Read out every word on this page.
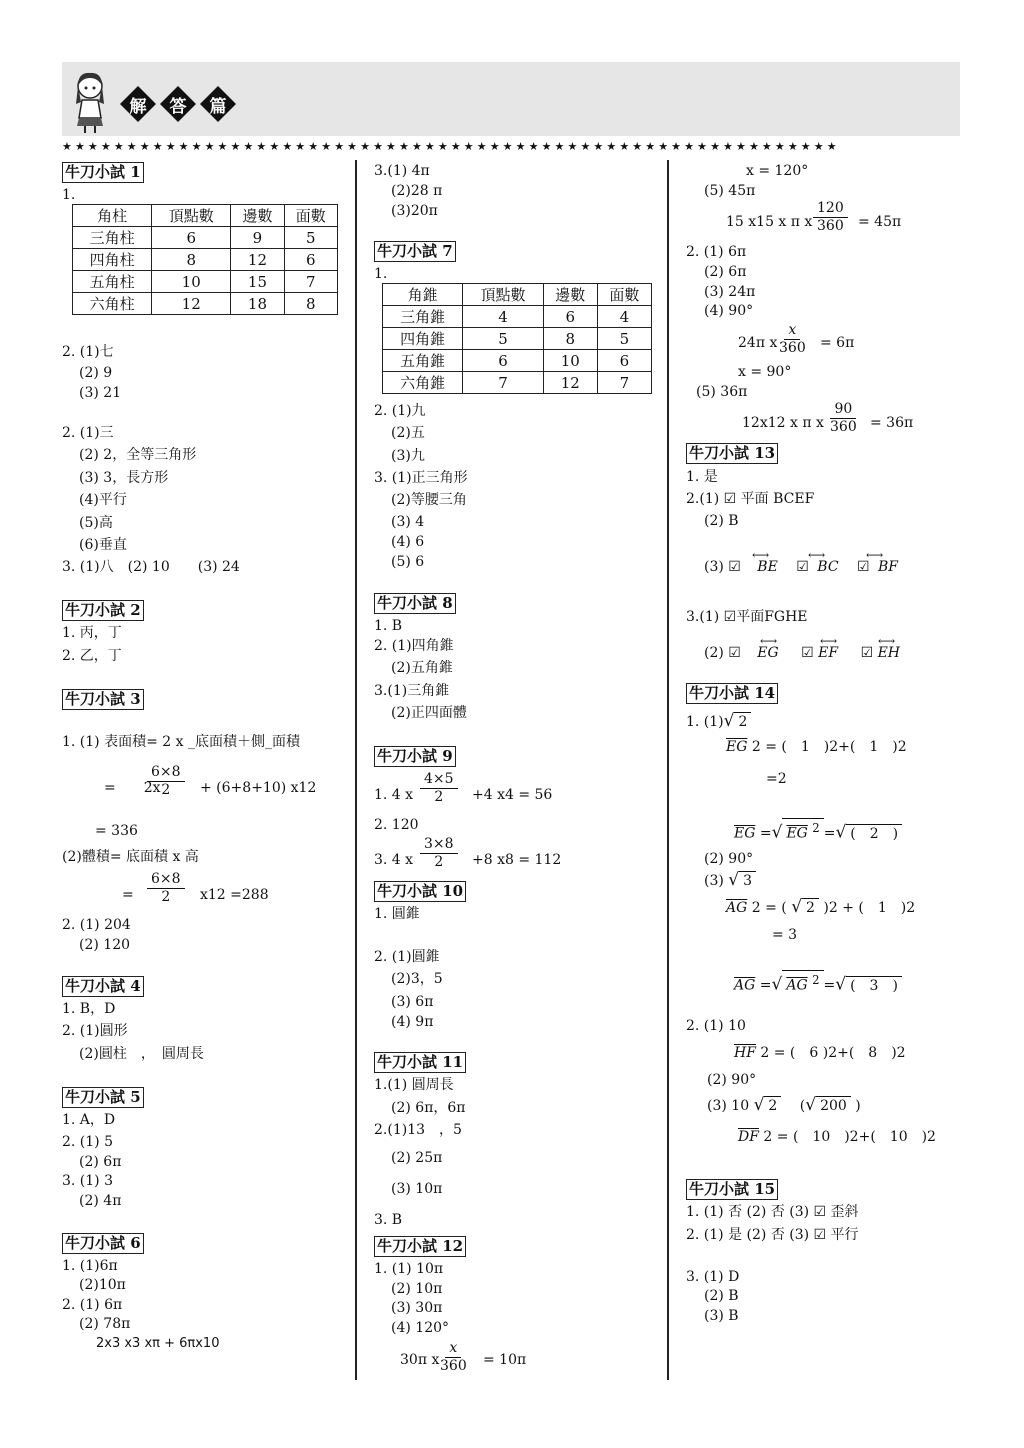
解	答	篇
★★★★★★★★★★★★★★★★★★★★★★★★★★★★★★★★★★★★★★★★★★★★★★★★★★★★★★★★★★★★
牛刀小試 1
1.
角柱	頂點數	邊數	面數
三角柱	6	9	5
四角柱	8	12	6
五角柱	10	15	7
六角柱	12	18	8
2. (1)七
(2) 9
(3) 21
2. (1)三
(2) 2，全等三角形
(3) 3，長方形
(4)平行
(5)高
(6)垂直
3. (1)八　(2) 10　　(3) 24
牛刀小試 2
1. 丙，丁
2. 乙，丁
牛刀小試 3
1. (1) 表面積= 2 x _底面積＋側_面積
=　　2x
$\frac{6\times 8}{2} + (6+8+10)$ x12
= 336
(2)體積= 底面積 x 高
= $\frac{6\times 8}{2} x12 =288$
2. (1) 204
(2) 120
牛刀小試 4
1. B，D
2. (1)圓形
(2)圓柱　，　圓周長
牛刀小試 5
1. A，D
2. (1) 5
(2) 6π
3. (1) 3
(2) 4π
牛刀小試 6
1. (1)6π
(2)10π
2. (1) 6π
(2) 78π
2x3 x3 xπ + 6πx10
3.(1) 4π
(2)28 π
(3)20π
牛刀小試 7
1.
角錐	頂點數	邊數	面數
三角錐	4	6	4
四角錐	5	8	5
五角錐	6	10	6
六角錐	7	12	7
2. (1)九
(2)五
(3)九
3. (1)正三角形
(2)等腰三角
(3) 4
(4) 6
(5) 6
牛刀小試 8
1. B
2. (1)四角錐
(2)五角錐
3.(1)三角錐
(2)正四面體
牛刀小試 9
1. 4 x $\frac{4\times 5}{2} +4$ x4 = 56
2. 120
3. 4 x $\frac{3\times 8}{2} +8$ x8 = 112
牛刀小試 10
1. 圓錐
2. (1)圓錐
(2)3，5
(3) 6π
(4) 9π
牛刀小試 11
1.(1) 圓周長
(2) 6π，6π
2.(1)13　，5
(2) 25π
(3) 10π
3. B
牛刀小試 12
1. (1) 10π
(2) 10π
(3) 30π
(4) 120°
30π x
$\frac{x}{360} = 10\pi$
x = 120°
(5) 45π
15 x15 x π x $\frac{120}{360} = 45\pi$
2. (1) 6π
(2) 6π
(3) 24π
(4) 90°
24π x
$\frac{x}{360} = 6\pi$
x = 90°
(5) 36π
12x12 x π x $\frac{90}{360} = 36\pi$
牛刀小試 13
1. 是
2.(1) ☑ 平面 BCEF
(2) B
(3) ☑ BE ☑ BC ☑ BF
⟷	⟷	⟷
3.(1) ☑平面FGHE
(2) ☑ EG ☑ EF ☑ EH
⟷	⟷	⟷
牛刀小試 14
1. (1)√ 2
$\overline{EG}$ 2 = (　1　)2+(　1　)2
=2
$\overline{EG}$ =√ EG $^2$ =√ (　2　)
(2) 90°
(3) √ 3
$\overline{AG}$ 2 = ( √ 2 )2 + (　1　)2
= 3
$\overline{AG}$ =√ AG $^2$ =√ (　3　)
2. (1) 10
$\overline{HF}$ 2 = (　6 )2+(　8　)2
(2) 90°
(3) 10 √ 2 (√ 200 )
$\overline{DF}$ 2 = (　10　)2+(　10　)2
牛刀小試 15
1. (1) 否 (2) 否 (3) ☑ 歪斜
2. (1) 是 (2) 否 (3) ☑ 平行
3. (1) D
(2) B
(3) B
